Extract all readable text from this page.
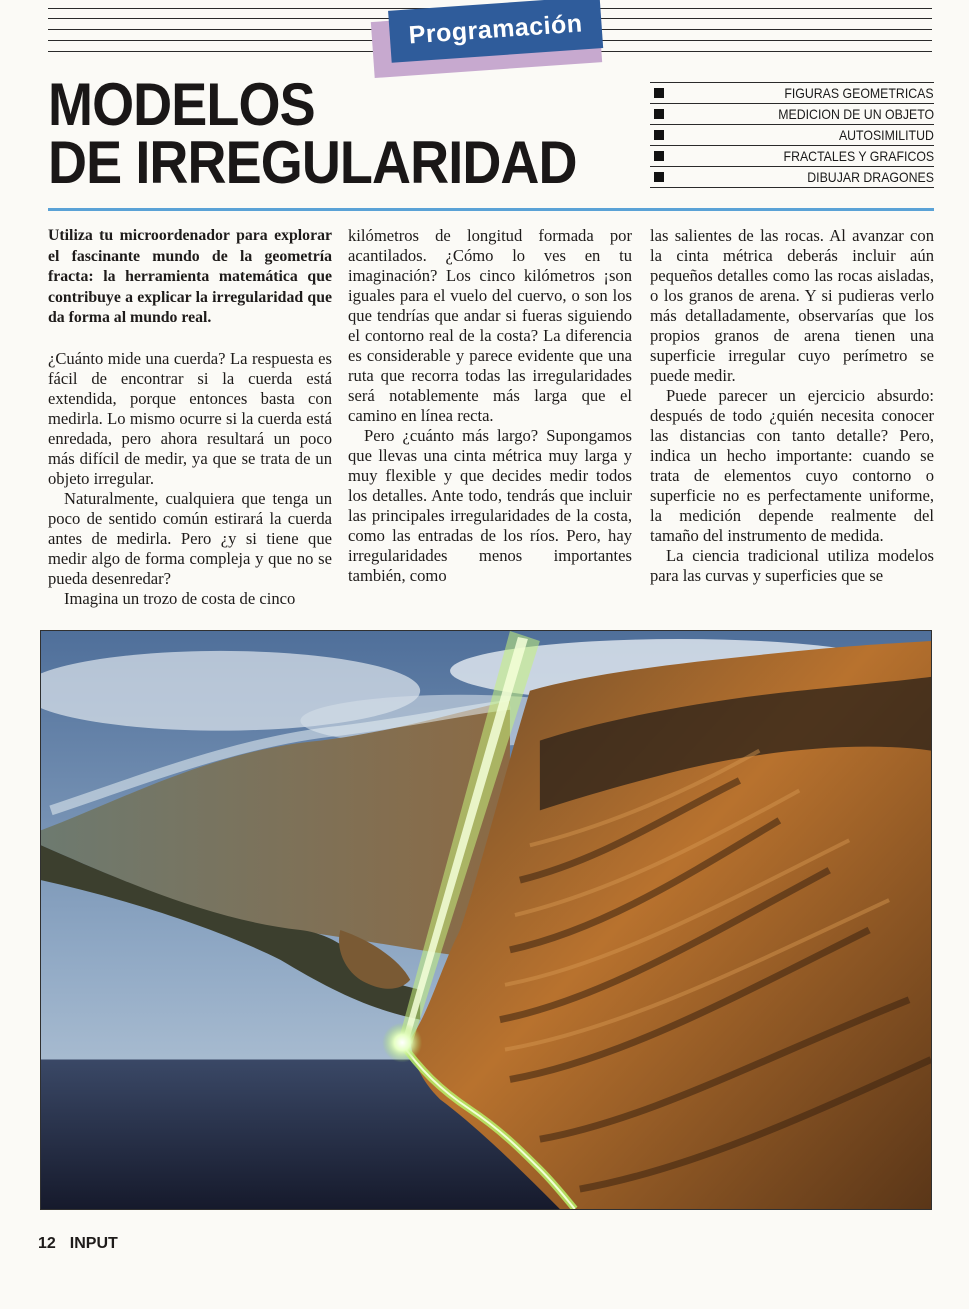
Programación
MODELOS
DE IRREGULARIDAD
FIGURAS GEOMETRICAS
MEDICION DE UN OBJETO
AUTOSIMILITUD
FRACTALES Y GRAFICOS
DIBUJAR DRAGONES

Utiliza tu microordenador para explorar el fascinante mundo de la geometría fracta: la herramienta matemática que contribuye a explicar la irregularidad que da forma al mundo real.

¿Cuánto mide una cuerda? La respuesta es fácil de encontrar si la cuerda está extendida, porque entonces basta con medirla. Lo mismo ocurre si la cuerda está enredada, pero ahora resultará un poco más difícil de medir, ya que se trata de un objeto irregular.

Naturalmente, cualquiera que tenga un poco de sentido común estirará la cuerda antes de medirla. Pero ¿y si tiene que medir algo de forma compleja y que no se pueda desenredar?

Imagina un trozo de costa de cinco

kilómetros de longitud formada por acantilados. ¿Cómo lo ves en tu imaginación? Los cinco kilómetros ¡son iguales para el vuelo del cuervo, o son los que tendrías que andar si fueras siguiendo el contorno real de la costa? La diferencia es considerable y parece evidente que una ruta que recorra todas las irregularidades será notablemente más larga que el camino en línea recta.

Pero ¿cuánto más largo? Supongamos que llevas una cinta métrica muy larga y muy flexible y que decides medir todos los detalles. Ante todo, tendrás que incluir las principales irregularidades de la costa, como las entradas de los ríos. Pero, hay irregularidades menos importantes también, como

las salientes de las rocas. Al avanzar con la cinta métrica deberás incluir aún pequeños detalles como las rocas aisladas, o los granos de arena. Y si pudieras verlo más detalladamente, observarías que los propios granos de arena tienen una superficie irregular cuyo perímetro se puede medir.

Puede parecer un ejercicio absurdo: después de todo ¿quién necesita conocer las distancias con tanto detalle? Pero, indica un hecho importante: cuando se trata de elementos cuyo contorno o superficie no es perfectamente uniforme, la medición depende realmente del tamaño del instrumento de medida.

La ciencia tradicional utiliza modelos para las curvas y superficies que se

12 INPUT
